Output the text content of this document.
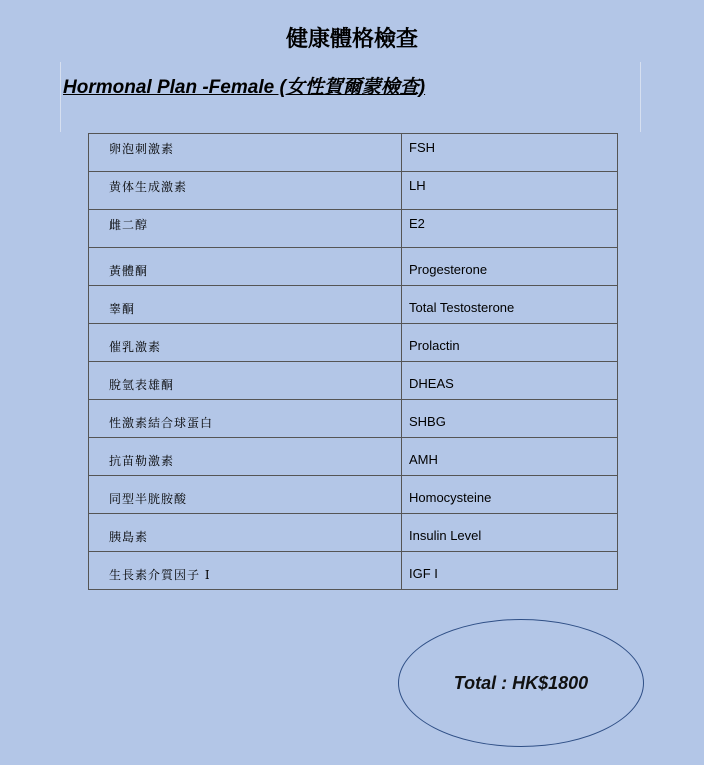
健康體格檢查
Hormonal Plan -Female (女性賀爾蒙檢查)
卵泡刺激素	FSH
黄体生成激素	LH
雌二醇	E2
黃體酮	Progesterone
睾酮	Total Testosterone
催乳激素	Prolactin
脫氫表雄酮	DHEAS
性激素結合球蛋白	SHBG
抗苗勒激素	AMH
同型半胱胺酸	Homocysteine
胰島素	Insulin Level
生長素介質因子 I	IGF I
Total : HK$1800
